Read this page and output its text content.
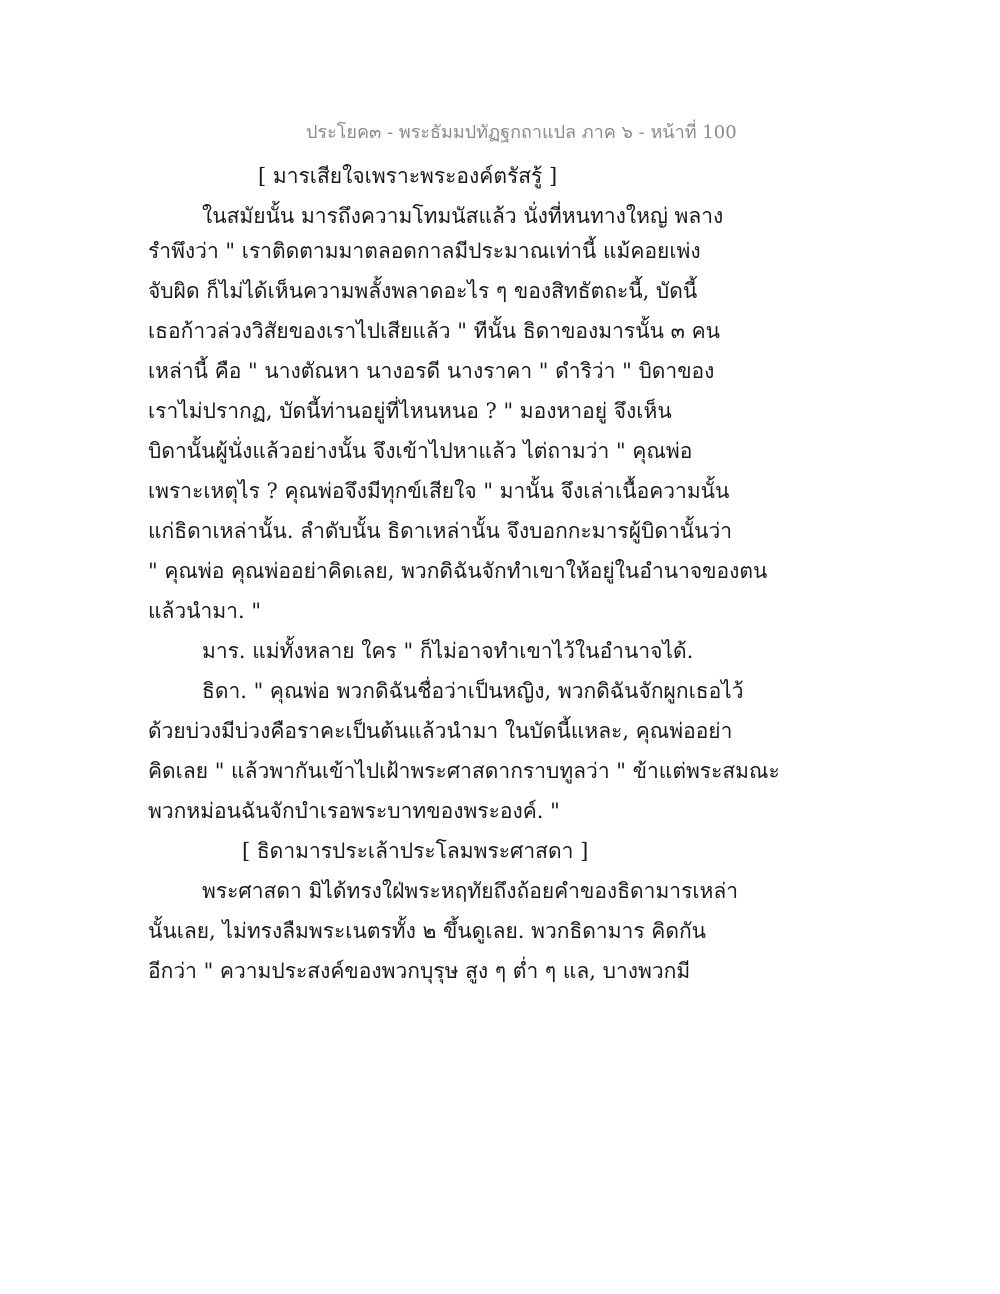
ประโยค๓ - พระธัมมปทัฏฐกถาแปล ภาค ๖ - หน้าที่ 100
[ มารเสียใจเพราะพระองค์ตรัสรู้ ]
ในสมัยนั้น มารถึงความโทมนัสแล้ว นั่งที่หนทางใหญ่ พลาง
รำพึงว่า " เราติดตามมาตลอดกาลมีประมาณเท่านี้ แม้คอยเพ่ง
จับผิด ก็ไม่ได้เห็นความพลั้งพลาดอะไร ๆ ของสิทธัตถะนี้, บัดนี้
เธอก้าวล่วงวิสัยของเราไปเสียแล้ว " ทีนั้น ธิดาของมารนั้น ๓ คน
เหล่านี้ คือ " นางตัณหา นางอรดี นางราคา " ดำริว่า " บิดาของ
เราไม่ปรากฏ, บัดนี้ท่านอยู่ที่ไหนหนอ ? " มองหาอยู่ จึงเห็น
บิดานั้นผู้นั่งแล้วอย่างนั้น จึงเข้าไปหาแล้ว ไต่ถามว่า " คุณพ่อ
เพราะเหตุไร ? คุณพ่อจึงมีทุกข์เสียใจ " มานั้น จึงเล่าเนื้อความนั้น
แก่ธิดาเหล่านั้น. ลำดับนั้น ธิดาเหล่านั้น จึงบอกกะมารผู้บิดานั้นว่า
" คุณพ่อ คุณพ่ออย่าคิดเลย, พวกดิฉันจักทำเขาให้อยู่ในอำนาจของตน
แล้วนำมา. "
มาร. แม่ทั้งหลาย ใคร " ก็ไม่อาจทำเขาไว้ในอำนาจได้.
ธิดา. " คุณพ่อ พวกดิฉันชื่อว่าเป็นหญิง, พวกดิฉันจักผูกเธอไว้
ด้วยบ่วงมีบ่วงคือราคะเป็นต้นแล้วนำมา ในบัดนี้แหละ, คุณพ่ออย่า
คิดเลย " แล้วพากันเข้าไปเฝ้าพระศาสดากราบทูลว่า " ข้าแต่พระสมณะ
พวกหม่อนฉันจักบำเรอพระบาทของพระองค์. "
[ ธิดามารประเล้าประโลมพระศาสดา ]
พระศาสดา มิได้ทรงใฝ่พระหฤทัยถึงถ้อยคำของธิดามารเหล่า
นั้นเลย, ไม่ทรงลืมพระเนตรทั้ง ๒ ขึ้นดูเลย. พวกธิดามาร คิดกัน
อีกว่า " ความประสงค์ของพวกบุรุษ สูง ๆ ต่ำ ๆ แล, บางพวกมี
